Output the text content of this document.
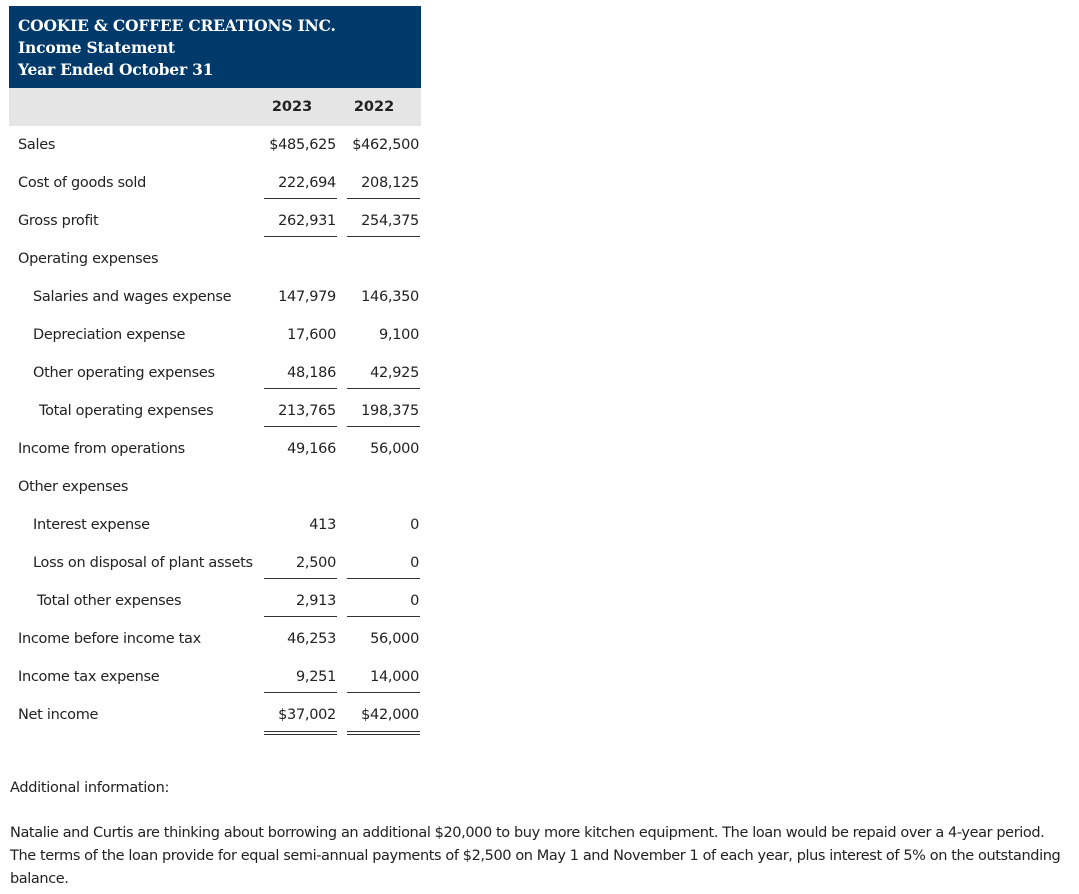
COOKIE & COFFEE CREATIONS INC.
Income Statement
Year Ended October 31
2023	2022
Sales	$485,625	$462,500
Cost of goods sold	222,694	208,125
Gross profit	262,931	254,375
Operating expenses
Salaries and wages expense	147,979	146,350
Depreciation expense	17,600	9,100
Other operating expenses	48,186	42,925
Total operating expenses	213,765	198,375
Income from operations	49,166	56,000
Other expenses
Interest expense	413	0
Loss on disposal of plant assets	2,500	0
Total other expenses	2,913	0
Income before income tax	46,253	56,000
Income tax expense	9,251	14,000
Net income	$37,002	$42,000
Additional information:
Natalie and Curtis are thinking about borrowing an additional $20,000 to buy more kitchen equipment. The loan would be repaid over a 4-year period. The terms of the loan provide for equal semi-annual payments of $2,500 on May 1 and November 1 of each year, plus interest of 5% on the outstanding balance.
